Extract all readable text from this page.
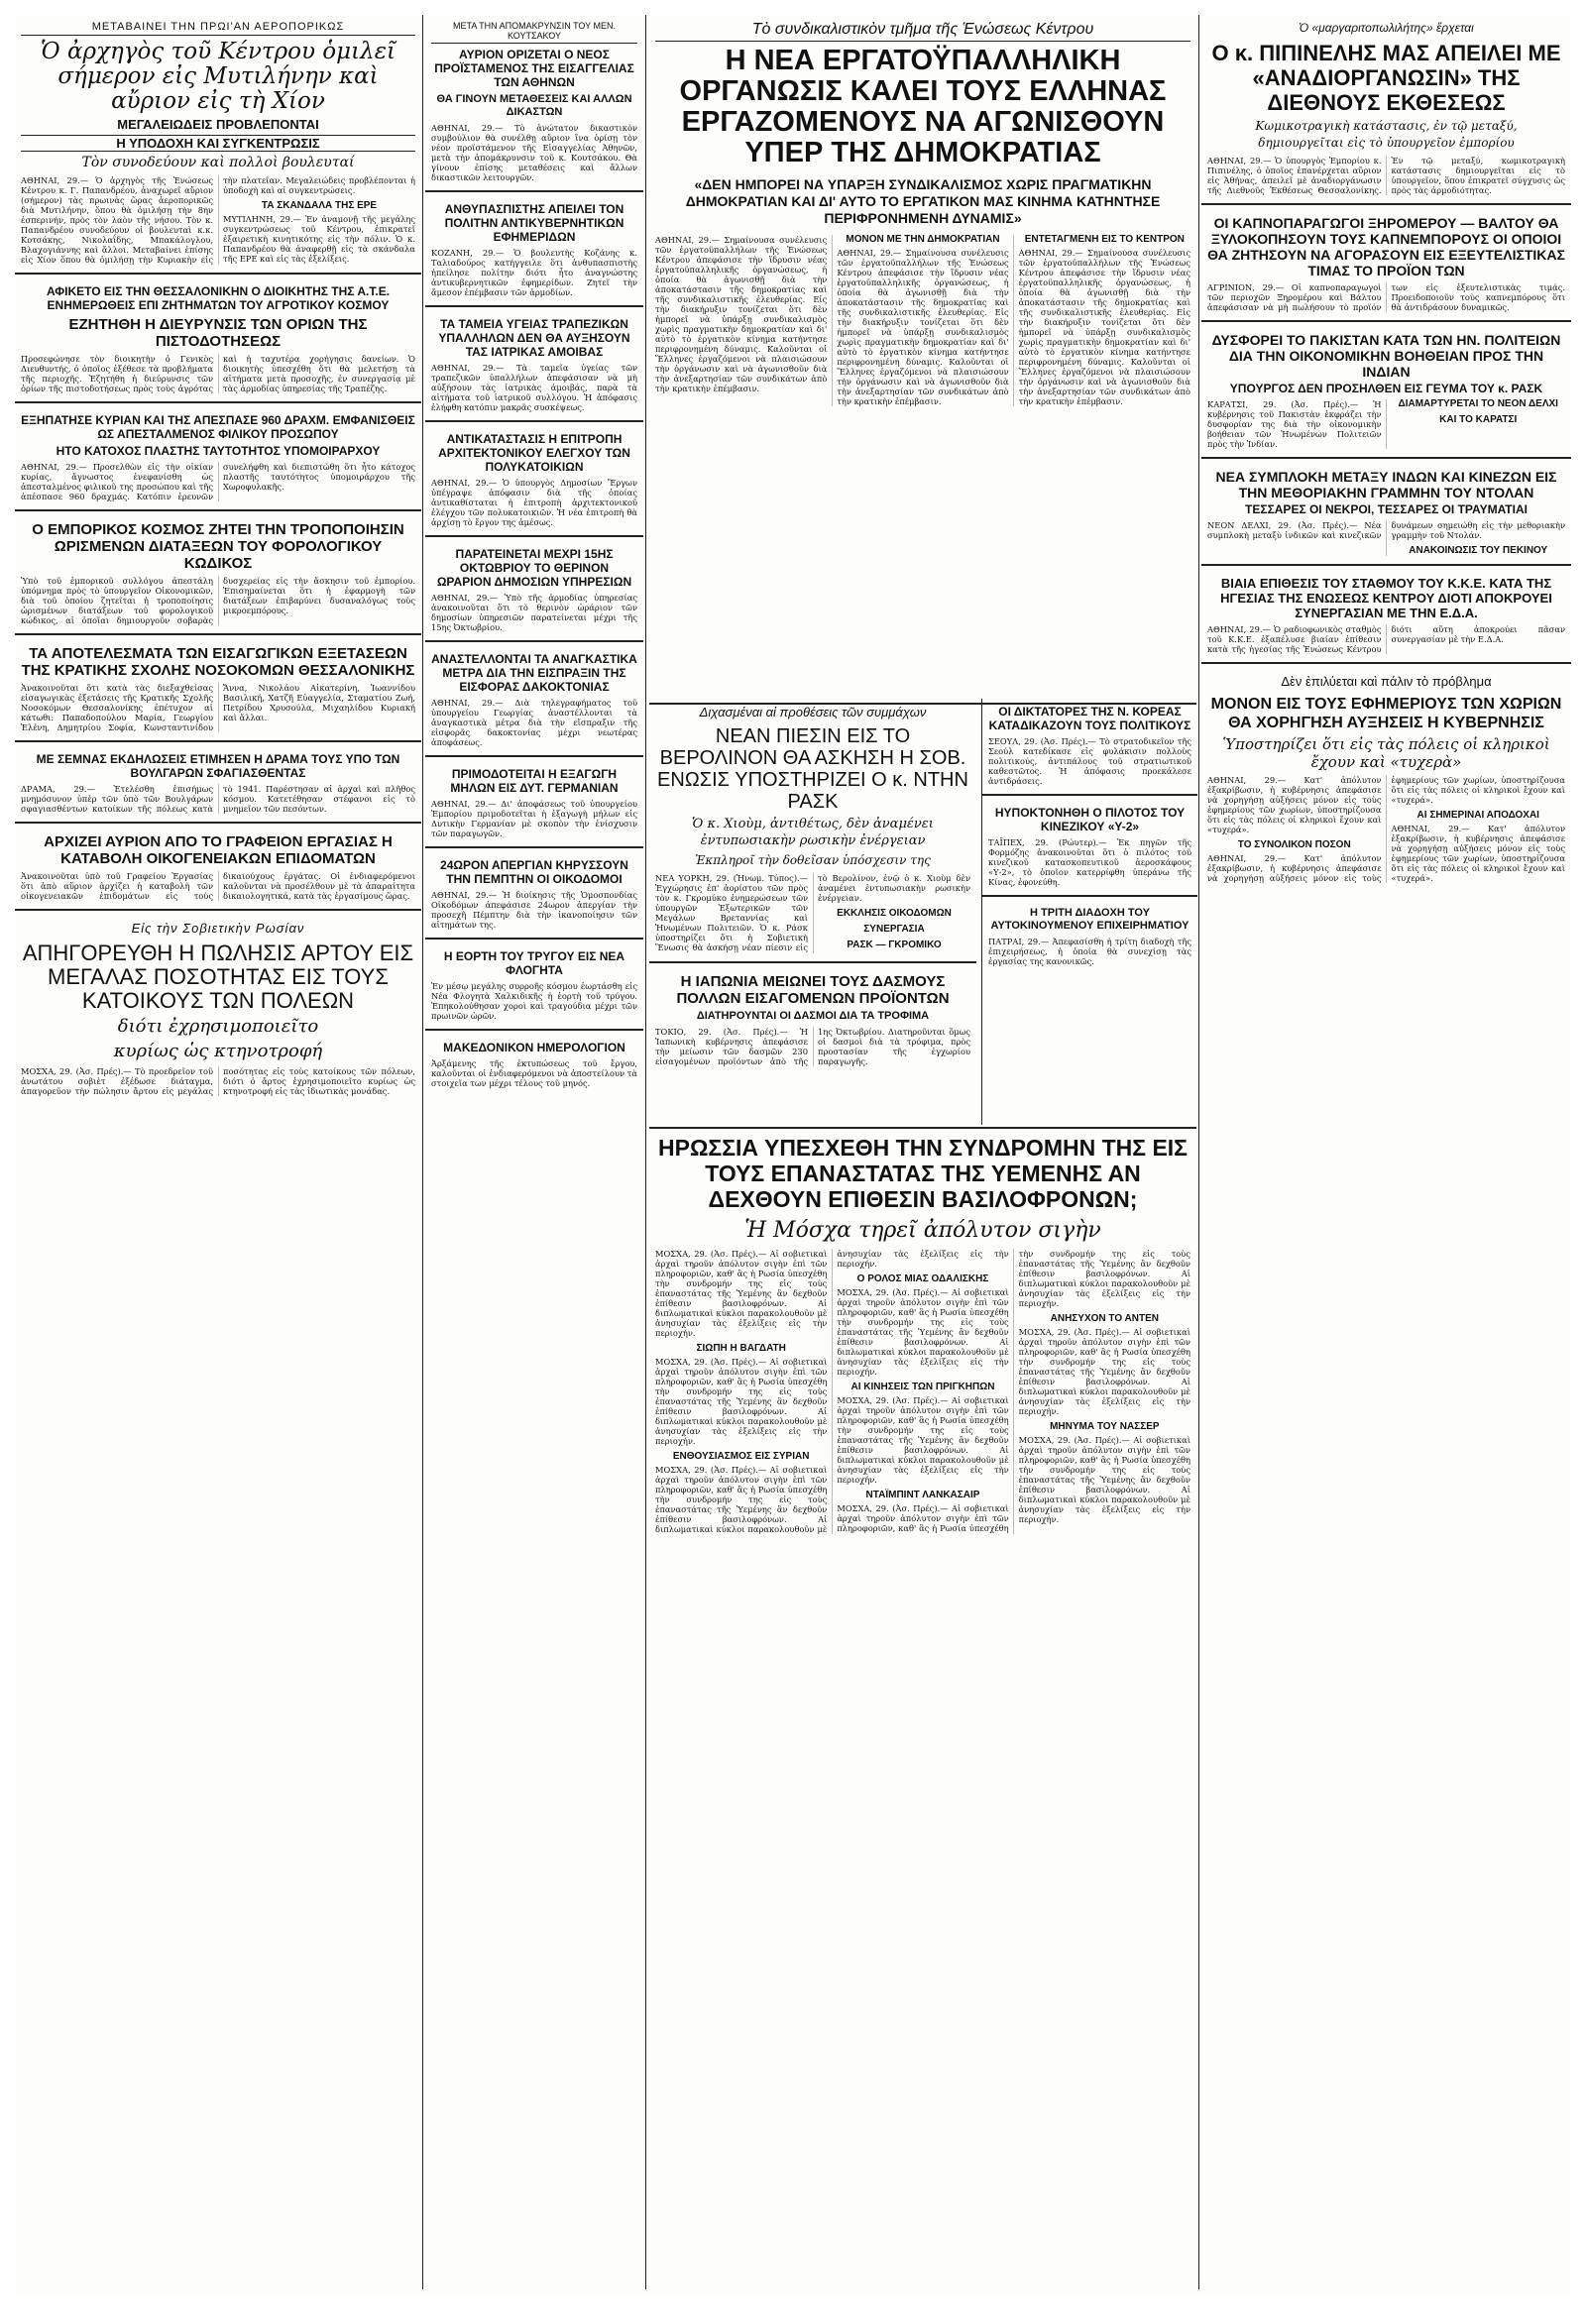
ΜΕΤΑΒΑΙΝΕΙ ΤΗΝ ΠΡΩΙ'ΑΝ ΑΕΡΟΠΟΡΙΚΩΣ
Ὁ ἀρχηγὸς τοῦ Κέντρου ὁμιλεῖ σήμερον εἰς Μυτιλήνην καὶ αὔριον εἰς τὴ Χίον
ΜΕΓΑΛΕΙΩΔΕΙΣ ΠΡΟΒΛΕΠΟΝΤΑΙ
Η ΥΠΟΔΟΧΗ ΚΑΙ ΣΥΓΚΕΝΤΡΩΣΙΣ
Τὸν συνοδεύουν καὶ πολλοὶ βουλευταί
ΑΘΗΝΑΙ, 29.— Ὁ ἀρχηγὸς τῆς Ἑνώσεως Κέντρου κ. Γ. Παπανδρέου, ἀναχωρεῖ αὔριον (σήμερον) τὰς πρωινὰς ὥρας ἀεροπορικῶς διὰ Μυτιλήνην, ὅπου θὰ ὁμιλήσῃ τὴν 8ην ἑσπερινήν, πρὸς τὸν λαὸν τῆς νήσου. Τὸν κ. Παπανδρέου συνοδεύουν οἱ βουλευταὶ κ.κ. Κοτσάκης, Νικολαΐδης, Μπακάλογλου, Βλαχογιάννης καὶ ἄλλοι. Μεταβαίνει ἐπίσης εἰς Χίον ὅπου θὰ ὁμιλήσῃ τὴν Κυριακὴν εἰς τὴν πλατεῖαν. Μεγαλειώδεις προβλέπονται ἡ ὑποδοχὴ καὶ αἱ συγκεντρώσεις.
ΤΑ ΣΚΑΝΔΑΛΑ ΤΗΣ ΕΡΕ
ΜΥΤΙΛΗΝΗ, 29.— Ἐν ἀναμονῇ τῆς μεγάλης συγκεντρώσεως τοῦ Κέντρου, ἐπικρατεῖ ἐξαιρετικὴ κινητικότης εἰς τὴν πόλιν. Ὁ κ. Παπανδρέου θὰ ἀναφερθῇ εἰς τὰ σκάνδαλα τῆς ΕΡΕ καὶ εἰς τὰς ἐξελίξεις.
ΑΦΙΚΕΤΟ ΕΙΣ ΤΗΝ ΘΕΣΣΑΛΟΝΙΚΗΝ Ο ΔΙΟΙΚΗΤΗΣ ΤΗΣ Α.Τ.Ε. ΕΝΗΜΕΡΩΘΕΙΣ ΕΠΙ ΖΗΤΗΜΑΤΩΝ ΤΟΥ ΑΓΡΟΤΙΚΟΥ ΚΟΣΜΟΥ
ΕΖΗΤΗΘΗ Η ΔΙΕΥΡΥΝΣΙΣ ΤΩΝ ΟΡΙΩΝ ΤΗΣ ΠΙΣΤΟΔΟΤΗΣΕΩΣ
Προσεφώνησε τὸν διοικητὴν ὁ Γενικὸς Διευθυντής, ὁ ὁποῖος ἐξέθεσε τὰ προβλήματα τῆς περιοχῆς. Ἐζητήθη ἡ διεύρυνσις τῶν ὁρίων τῆς πιστοδοτήσεως πρὸς τοὺς ἀγρότας καὶ ἡ ταχυτέρα χορήγησις δανείων. Ὁ διοικητὴς ὑπεσχέθη ὅτι θὰ μελετήσῃ τὰ αἰτήματα μετὰ προσοχῆς, ἐν συνεργασίᾳ μὲ τὰς ἁρμοδίας ὑπηρεσίας τῆς Τραπέζης.
ΕΞΗΠΑΤΗΣΕ ΚΥΡΙΑΝ ΚΑΙ ΤΗΣ ΑΠΕΣΠΑΣΕ 960 ΔΡΑΧΜ. ΕΜΦΑΝΙΣΘΕΙΣ ΩΣ ΑΠΕΣΤΑΛΜΕΝΟΣ ΦΙΛΙΚΟΥ ΠΡΟΣΩΠΟΥ
ΗΤΟ ΚΑΤΟΧΟΣ ΠΛΑΣΤΗΣ ΤΑΥΤΟΤΗΤΟΣ ΥΠΟΜΟΙΡΑΡΧΟΥ
ΑΘΗΝΑΙ, 29.— Προσελθὼν εἰς τὴν οἰκίαν κυρίας, ἄγνωστος ἐνεφανίσθη ὡς ἀπεσταλμένος φιλικοῦ της προσώπου καὶ τῆς ἀπέσπασε 960 δραχμάς. Κατόπιν ἐρευνῶν συνελήφθη καὶ διεπιστώθη ὅτι ἦτο κάτοχος πλαστῆς ταυτότητος ὑπομοιράρχου τῆς Χωροφυλακῆς.
Ο ΕΜΠΟΡΙΚΟΣ ΚΟΣΜΟΣ ΖΗΤΕΙ ΤΗΝ ΤΡΟΠΟΠΟΙΗΣΙΝ ΩΡΙΣΜΕΝΩΝ ΔΙΑΤΑΞΕΩΝ ΤΟΥ ΦΟΡΟΛΟΓΙΚΟΥ ΚΩΔΙΚΟΣ
Ὑπὸ τοῦ ἐμπορικοῦ συλλόγου ἀπεστάλη ὑπόμνημα πρὸς τὸ ὑπουργεῖον Οἰκονομικῶν, διὰ τοῦ ὁποίου ζητεῖται ἡ τροποποίησις ὡρισμένων διατάξεων τοῦ φορολογικοῦ κώδικος, αἱ ὁποῖαι δημιουργοῦν σοβαρὰς δυσχερείας εἰς τὴν ἄσκησιν τοῦ ἐμπορίου. Ἐπισημαίνεται ὅτι ἡ ἐφαρμογὴ τῶν διατάξεων ἐπιβαρύνει δυσαναλόγως τοὺς μικροεμπόρους.
ΤΑ ΑΠΟΤΕΛΕΣΜΑΤΑ ΤΩΝ ΕΙΣΑΓΩΓΙΚΩΝ ΕΞΕΤΑΣΕΩΝ ΤΗΣ ΚΡΑΤΙΚΗΣ ΣΧΟΛΗΣ ΝΟΣΟΚΟΜΩΝ ΘΕΣΣΑΛΟΝΙΚΗΣ
Ἀνακοινοῦται ὅτι κατὰ τὰς διεξαχθείσας εἰσαγωγικὰς ἐξετάσεις τῆς Κρατικῆς Σχολῆς Νοσοκόμων Θεσσαλονίκης ἐπέτυχον αἱ κάτωθι: Παπαδοπούλου Μαρία, Γεωργίου Ἑλένη, Δημητρίου Σοφία, Κωνσταντινίδου Ἄννα, Νικολάου Αἰκατερίνη, Ἰωαννίδου Βασιλική, Χατζῆ Εὐαγγελία, Σταματίου Ζωή, Πετρίδου Χρυσούλα, Μιχαηλίδου Κυριακή καὶ ἄλλαι.
ΜΕ ΣΕΜΝΑΣ ΕΚΔΗΛΩΣΕΙΣ ΕΤΙΜΗΣΕΝ Η ΔΡΑΜΑ ΤΟΥΣ ΥΠΟ ΤΩΝ ΒΟΥΛΓΑΡΩΝ ΣΦΑΓΙΑΣΘΕΝΤΑΣ
ΔΡΑΜΑ, 29.— Ἐτελέσθη ἐπισήμως μνημόσυνον ὑπὲρ τῶν ὑπὸ τῶν Βουλγάρων σφαγιασθέντων κατοίκων τῆς πόλεως κατὰ τὸ 1941. Παρέστησαν αἱ ἀρχαὶ καὶ πλῆθος κόσμου. Κατετέθησαν στέφανοι εἰς τὸ μνημεῖον τῶν πεσόντων.
ΑΡΧΙΖΕΙ ΑΥΡΙΟΝ ΑΠΟ ΤΟ ΓΡΑΦΕΙΟΝ ΕΡΓΑΣΙΑΣ Η ΚΑΤΑΒΟΛΗ ΟΙΚΟΓΕΝΕΙΑΚΩΝ ΕΠΙΔΟΜΑΤΩΝ
Ἀνακοινοῦται ὑπὸ τοῦ Γραφείου Ἐργασίας ὅτι ἀπὸ αὔριον ἀρχίζει ἡ καταβολὴ τῶν οἰκογενειακῶν ἐπιδομάτων εἰς τοὺς δικαιούχους ἐργάτας. Οἱ ἐνδιαφερόμενοι καλοῦνται νὰ προσέλθουν μὲ τὰ ἀπαραίτητα δικαιολογητικά, κατὰ τὰς ἐργασίμους ὥρας.
Εἰς τὴν Σοβιετικὴν Ρωσίαν
ΑΠΗΓΟΡΕΥΘΗ Η ΠΩΛΗΣΙΣ ΑΡΤΟΥ ΕΙΣ ΜΕΓΑΛΑΣ ΠΟΣΟΤΗΤΑΣ ΕΙΣ ΤΟΥΣ ΚΑΤΟΙΚΟΥΣ ΤΩΝ ΠΟΛΕΩΝ
διότι ἐχρησιμοποιεῖτο
κυρίως ὡς κτηνοτροφή
ΜΟΣΧΑ, 29. (Ἀσ. Πρές).— Τὸ προεδρεῖον τοῦ ἀνωτάτου σοβιὲτ ἐξέδωσε διάταγμα, ἀπαγορεῦον τὴν πώλησιν ἄρτου εἰς μεγάλας ποσότητας εἰς τοὺς κατοίκους τῶν πόλεων, διότι ὁ ἄρτος ἐχρησιμοποιεῖτο κυρίως ὡς κτηνοτροφή εἰς τὰς ἰδιωτικὰς μονάδας.
ΜΕΤΑ ΤΗΝ ΑΠΟΜΑΚΡΥΝΣΙΝ ΤΟΥ ΜΕΝ. ΚΟΥΤΣΑΚΟΥ
ΑΥΡΙΟΝ ΟΡΙΖΕΤΑΙ Ο ΝΕΟΣ ΠΡΟΪΣΤΑΜΕΝΟΣ ΤΗΣ ΕΙΣΑΓΓΕΛΙΑΣ ΤΩΝ ΑΘΗΝΩΝ
ΘΑ ΓΙΝΟΥΝ ΜΕΤΑΘΕΣΕΙΣ ΚΑΙ ΑΛΛΩΝ ΔΙΚΑΣΤΩΝ
ΑΘΗΝΑΙ, 29.— Τὸ ἀνώτατον δικαστικὸν συμβούλιον θὰ συνέλθῃ αὔριον ἵνα ὁρίσῃ τὸν νέον προϊστάμενον τῆς Εἰσαγγελίας Ἀθηνῶν, μετὰ τὴν ἀπομάκρυνσιν τοῦ κ. Κουτσάκου. Θὰ γίνουν ἐπίσης μεταθέσεις καὶ ἄλλων δικαστικῶν λειτουργῶν.
ΑΝΘΥΠΑΣΠΙΣΤΗΣ ΑΠΕΙΛΕΙ ΤΟΝ ΠΟΛΙΤΗΝ ΑΝΤΙΚΥΒΕΡΝΗΤΙΚΩΝ ΕΦΗΜΕΡΙΔΩΝ
ΚΟΖΑΝΗ, 29.— Ὁ βουλευτὴς Κοζάνης κ. Ταλιαδούρος κατήγγειλε ὅτι ἀνθυπασπιστὴς ἠπείλησε πολίτην διότι ἦτο ἀναγνώστης ἀντικυβερνητικῶν ἐφημερίδων. Ζητεῖ τὴν ἄμεσον ἐπέμβασιν τῶν ἁρμοδίων.
ΤΑ ΤΑΜΕΙΑ ΥΓΕΙΑΣ ΤΡΑΠΕΖΙΚΩΝ ΥΠΑΛΛΗΛΩΝ ΔΕΝ ΘΑ ΑΥΞΗΣΟΥΝ ΤΑΣ ΙΑΤΡΙΚΑΣ ΑΜΟΙΒΑΣ
ΑΘΗΝΑΙ, 29.— Τὰ ταμεῖα ὑγείας τῶν τραπεζικῶν ὑπαλλήλων ἀπεφάσισαν νὰ μὴ αὐξήσουν τὰς ἰατρικὰς ἀμοιβάς, παρὰ τὰ αἰτήματα τοῦ ἰατρικοῦ συλλόγου. Ἡ ἀπόφασις ἐλήφθη κατόπιν μακρᾶς συσκέψεως.
ΑΝΤΙΚΑΤΑΣΤΑΣΙΣ Η ΕΠΙΤΡΟΠΗ ΑΡΧΙΤΕΚΤΟΝΙΚΟΥ ΕΛΕΓΧΟΥ ΤΩΝ ΠΟΛΥΚΑΤΟΙΚΙΩΝ
ΑΘΗΝΑΙ, 29.— Ὁ ὑπουργὸς Δημοσίων Ἔργων ὑπέγραψε ἀπόφασιν διὰ τῆς ὁποίας ἀντικαθίσταται ἡ ἐπιτροπὴ ἀρχιτεκτονικοῦ ἐλέγχου τῶν πολυκατοικιῶν. Ἡ νέα ἐπιτροπὴ θὰ ἀρχίσῃ τὸ ἔργον της ἀμέσως.
ΠΑΡΑΤΕΙΝΕΤΑΙ ΜΕΧΡΙ 15ΗΣ ΟΚΤΩΒΡΙΟΥ ΤΟ ΘΕΡΙΝΟΝ ΩΡΑΡΙΟΝ ΔΗΜΟΣΙΩΝ ΥΠΗΡΕΣΙΩΝ
ΑΘΗΝΑΙ, 29.— Ὑπὸ τῆς ἁρμοδίας ὑπηρεσίας ἀνακοινοῦται ὅτι τὸ θερινὸν ὡράριον τῶν δημοσίων ὑπηρεσιῶν παρατείνεται μέχρι τῆς 15ης Ὀκτωβρίου.
ΑΝΑΣΤΕΛΛΟΝΤΑΙ ΤΑ ΑΝΑΓΚΑΣΤΙΚΑ ΜΕΤΡΑ ΔΙΑ ΤΗΝ ΕΙΣΠΡΑΞΙΝ ΤΗΣ ΕΙΣΦΟΡΑΣ ΔΑΚΟΚΤΟΝΙΑΣ
ΑΘΗΝΑΙ, 29.— Διὰ τηλεγραφήματος τοῦ ὑπουργείου Γεωργίας ἀναστέλλονται τὰ ἀναγκαστικὰ μέτρα διὰ τὴν εἴσπραξιν τῆς εἰσφορᾶς δακοκτονίας μέχρι νεωτέρας ἀποφάσεως.
ΠΡΙΜΟΔΟΤΕΙΤΑΙ Η ΕΞΑΓΩΓΗ ΜΗΛΩΝ ΕΙΣ ΔΥΤ. ΓΕΡΜΑΝΙΑΝ
ΑΘΗΝΑΙ, 29.— Δι' ἀποφάσεως τοῦ ὑπουργείου Ἐμπορίου πριμοδοτεῖται ἡ ἐξαγωγὴ μήλων εἰς Δυτικὴν Γερμανίαν μὲ σκοπὸν τὴν ἐνίσχυσιν τῶν παραγωγῶν.
24ΩΡΟΝ ΑΠΕΡΓΙΑΝ ΚΗΡΥΣΣΟΥΝ ΤΗΝ ΠΕΜΠΤΗΝ ΟΙ ΟΙΚΟΔΟΜΟΙ
ΑΘΗΝΑΙ, 29.— Ἡ διοίκησις τῆς Ὁμοσπονδίας Οἰκοδόμων ἀπεφάσισε 24ωρον ἀπεργίαν τὴν προσεχῆ Πέμπτην διὰ τὴν ἱκανοποίησιν τῶν αἰτημάτων της.
Η ΕΟΡΤΗ ΤΟΥ ΤΡΥΓΟΥ ΕΙΣ ΝΕΑ ΦΛΟΓΗΤΑ
Ἐν μέσῳ μεγάλης συρροῆς κόσμου ἐωρτάσθη εἰς Νέα Φλογητὰ Χαλκιδικῆς ἡ ἑορτὴ τοῦ τρύγου. Ἐπηκολούθησαν χοροὶ καὶ τραγούδια μέχρι τῶν πρωινῶν ὡρῶν.
ΜΑΚΕΔΟΝΙΚΟΝ ΗΜΕΡΟΛΟΓΙΟΝ
Ἀρξάμενης τῆς ἐκτυπώσεως τοῦ ἔργου, καλοῦνται οἱ ἐνδιαφερόμενοι νὰ ἀποστείλουν τὰ στοιχεῖα των μέχρι τέλους τοῦ μηνός.
Τὸ συνδικαλιστικὸν τμῆμα τῆς Ἑνώσεως Κέντρου
Η ΝΕΑ ΕΡΓΑΤΟΫΠΑΛΛΗΛΙΚΗ ΟΡΓΑΝΩΣΙΣ ΚΑΛΕΙ ΤΟΥΣ ΕΛΛΗΝΑΣ ΕΡΓΑΖΟΜΕΝΟΥΣ ΝΑ ΑΓΩΝΙΣΘΟΥΝ ΥΠΕΡ ΤΗΣ ΔΗΜΟΚΡΑΤΙΑΣ
«ΔΕΝ ΗΜΠΟΡΕΙ ΝΑ ΥΠΑΡΞΗ ΣΥΝΔΙΚΑΛΙΣΜΟΣ ΧΩΡΙΣ ΠΡΑΓΜΑΤΙΚΗΝ ΔΗΜΟΚΡΑΤΙΑΝ ΚΑΙ ΔΙ' ΑΥΤΟ ΤΟ ΕΡΓΑΤΙΚΟΝ ΜΑΣ ΚΙΝΗΜΑ ΚΑΤΗΝΤΗΣΕ ΠΕΡΙΦΡΟΝΗΜΕΝΗ ΔΥΝΑΜΙΣ»
ΑΘΗΝΑΙ, 29.— Σημαίνουσα συνέλευσις τῶν ἐργατοϋπαλλήλων τῆς Ἑνώσεως Κέντρου ἀπεφάσισε τὴν ἵδρυσιν νέας ἐργατοϋπαλληλικῆς ὀργανώσεως, ἡ ὁποία θὰ ἀγωνισθῇ διὰ τὴν ἀποκατάστασιν τῆς δημοκρατίας καὶ τῆς συνδικαλιστικῆς ἐλευθερίας. Εἰς τὴν διακήρυξιν τονίζεται ὅτι δὲν ἠμπορεῖ νὰ ὑπάρξῃ συνδικαλισμὸς χωρὶς πραγματικὴν δημοκρατίαν καὶ δι' αὐτὸ τὸ ἐργατικὸν κίνημα κατήντησε περιφρονημένη δύναμις. Καλοῦνται οἱ Ἕλληνες ἐργαζόμενοι νὰ πλαισιώσουν τὴν ὀργάνωσιν καὶ νὰ ἀγωνισθοῦν διὰ τὴν ἀνεξαρτησίαν τῶν συνδικάτων ἀπὸ τὴν κρατικὴν ἐπέμβασιν.
ΜΟΝΟΝ ΜΕ ΤΗΝ ΔΗΜΟΚΡΑΤΙΑΝ
ΑΘΗΝΑΙ, 29.— Σημαίνουσα συνέλευσις τῶν ἐργατοϋπαλλήλων τῆς Ἑνώσεως Κέντρου ἀπεφάσισε τὴν ἵδρυσιν νέας ἐργατοϋπαλληλικῆς ὀργανώσεως, ἡ ὁποία θὰ ἀγωνισθῇ διὰ τὴν ἀποκατάστασιν τῆς δημοκρατίας καὶ τῆς συνδικαλιστικῆς ἐλευθερίας. Εἰς τὴν διακήρυξιν τονίζεται ὅτι δὲν ἠμπορεῖ νὰ ὑπάρξῃ συνδικαλισμὸς χωρὶς πραγματικὴν δημοκρατίαν καὶ δι' αὐτὸ τὸ ἐργατικὸν κίνημα κατήντησε περιφρονημένη δύναμις. Καλοῦνται οἱ Ἕλληνες ἐργαζόμενοι νὰ πλαισιώσουν τὴν ὀργάνωσιν καὶ νὰ ἀγωνισθοῦν διὰ τὴν ἀνεξαρτησίαν τῶν συνδικάτων ἀπὸ τὴν κρατικὴν ἐπέμβασιν.
ΕΝΤΕΤΑΓΜΕΝΗ ΕΙΣ ΤΟ ΚΕΝΤΡΟΝ
ΑΘΗΝΑΙ, 29.— Σημαίνουσα συνέλευσις τῶν ἐργατοϋπαλλήλων τῆς Ἑνώσεως Κέντρου ἀπεφάσισε τὴν ἵδρυσιν νέας ἐργατοϋπαλληλικῆς ὀργανώσεως, ἡ ὁποία θὰ ἀγωνισθῇ διὰ τὴν ἀποκατάστασιν τῆς δημοκρατίας καὶ τῆς συνδικαλιστικῆς ἐλευθερίας. Εἰς τὴν διακήρυξιν τονίζεται ὅτι δὲν ἠμπορεῖ νὰ ὑπάρξῃ συνδικαλισμὸς χωρὶς πραγματικὴν δημοκρατίαν καὶ δι' αὐτὸ τὸ ἐργατικὸν κίνημα κατήντησε περιφρονημένη δύναμις. Καλοῦνται οἱ Ἕλληνες ἐργαζόμενοι νὰ πλαισιώσουν τὴν ὀργάνωσιν καὶ νὰ ἀγωνισθοῦν διὰ τὴν ἀνεξαρτησίαν τῶν συνδικάτων ἀπὸ τὴν κρατικὴν ἐπέμβασιν.
Διχασμέναι αἱ προθέσεις τῶν συμμάχων
ΝΕΑΝ ΠΙΕΣΙΝ ΕΙΣ ΤΟ ΒΕΡΟΛΙΝΟΝ ΘΑ ΑΣΚΗΣΗ Η ΣΟΒ. ΕΝΩΣΙΣ ΥΠΟΣΤΗΡΙΖΕΙ Ο κ. ΝΤΗΝ ΡΑΣΚ
Ὁ κ. Χιοὺμ, ἀντιθέτως, δὲν ἀναμένει ἐντυπωσιακὴν ρωσικὴν ἐνέργειαν
Ἐκπληροῖ τὴν δοθεῖσαν ὑπόσχεσιν της
ΝΕΑ ΥΟΡΚΗ, 29. (Ἡνωμ. Τύπος).— Ἐγχώρησις ἐπ' ἀορίστου τῶν πρὸς τὸν κ. Γκρομύκο ἐνημερώσεων τῶν ὑπουργῶν Ἐξωτερικῶν τῶν Μεγάλων Βρεταννίας καὶ Ἠνωμένων Πολιτειῶν. Ὁ κ. Ράσκ ὑποστηρίζει ὅτι ἡ Σοβιετικὴ Ἕνωσις θὰ ἀσκήσῃ νέαν πίεσιν εἰς τὸ Βερολίνον, ἐνῷ ὁ κ. Χιοὺμ δὲν ἀναμένει ἐντυπωσιακὴν ρωσικὴν ἐνέργειαν.
ΕΚΚΛΗΣΙΣ ΟΙΚΟΔΟΜΩΝ
ΣΥΝΕΡΓΑΣΙΑ
ΡΑΣΚ — ΓΚΡΟΜΙΚΟ
Η ΙΑΠΩΝΙΑ ΜΕΙΩΝΕΙ ΤΟΥΣ ΔΑΣΜΟΥΣ ΠΟΛΛΩΝ ΕΙΣΑΓΟΜΕΝΩΝ ΠΡΟΪΟΝΤΩΝ
ΔΙΑΤΗΡΟΥΝΤΑΙ ΟΙ ΔΑΣΜΟΙ ΔΙΑ ΤΑ ΤΡΟΦΙΜΑ
ΤΟΚΙΟ, 29. (Ἀσ. Πρές).— Ἡ Ἰαπωνικὴ κυβέρνησις ἀπεφάσισε τὴν μείωσιν τῶν δασμῶν 230 εἰσαγομένων προϊόντων ἀπὸ τῆς 1ης Ὀκτωβρίου. Διατηροῦνται ὅμως οἱ δασμοὶ διὰ τὰ τρόφιμα, πρὸς προστασίαν τῆς ἐγχωρίου παραγωγῆς.
ΟΙ ΔΙΚΤΑΤΟΡΕΣ ΤΗΣ Ν. ΚΟΡΕΑΣ ΚΑΤΑΔΙΚΑΖΟΥΝ ΤΟΥΣ ΠΟΛΙΤΙΚΟΥΣ
ΣΕΟΥΛ, 29. (Ἀσ. Πρές).— Τὸ στρατοδικεῖον τῆς Σεούλ κατεδίκασε εἰς φυλάκισιν πολλοὺς πολιτικούς, ἀντιπάλους τοῦ στρατιωτικοῦ καθεστῶτος. Ἡ ἀπόφασις προεκάλεσε ἀντιδράσεις.
ΗΥΠΟΚΤΟΝΗΘΗ Ο ΠΙΛΟΤΟΣ ΤΟΥ ΚΙΝΕΖΙΚΟΥ «Υ-2»
ΤΑΪΠΕΧ, 29. (Ρώυτερ).— Ἐκ πηγῶν τῆς Φορμόζης ἀνακοινοῦται ὅτι ὁ πιλότος τοῦ κινεζικοῦ κατασκοπευτικοῦ ἀεροσκάφους «Υ-2», τὸ ὁποῖον κατερρίφθη ὑπεράνω τῆς Κίνας, ἐφονεύθη.
Η ΤΡΙΤΗ ΔΙΑΔΟΧΗ ΤΟΥ ΑΥΤΟΚΙΝΟΥΜΕΝΟΥ ΕΠΙΧΕΙΡΗΜΑΤΙΟΥ
ΠΑΤΡΑΙ, 29.— Ἀπεφασίσθη ἡ τρίτη διαδοχὴ τῆς ἐπιχειρήσεως, ἡ ὁποία θὰ συνεχίσῃ τὰς ἐργασίας της κανονικῶς.
ΗΡΩΣΣΙΑ ΥΠΕΣΧΕΘΗ ΤΗΝ ΣΥΝΔΡΟΜΗΝ ΤΗΣ ΕΙΣ ΤΟΥΣ ΕΠΑΝΑΣΤΑΤΑΣ ΤΗΣ ΥΕΜΕΝΗΣ ΑΝ ΔΕΧΘΟΥΝ ΕΠΙΘΕΣΙΝ ΒΑΣΙΛΟΦΡΟΝΩΝ;
Ἡ Μόσχα τηρεῖ ἀπόλυτον σιγὴν
ΜΟΣΧΑ, 29. (Ἀσ. Πρές).— Αἱ σοβιετικαὶ ἀρχαὶ τηροῦν ἀπόλυτον σιγὴν ἐπὶ τῶν πληροφοριῶν, καθ' ἃς ἡ Ρωσία ὑπεσχέθη τὴν συνδρομήν της εἰς τοὺς ἐπαναστάτας τῆς Ὑεμένης ἂν δεχθοῦν ἐπίθεσιν βασιλοφρόνων. Αἱ διπλωματικαὶ κύκλοι παρακολουθοῦν μὲ ἀνησυχίαν τὰς ἐξελίξεις εἰς τὴν περιοχήν.
ΣΙΩΠΗ Η ΒΑΓΔΑΤΗ
ΜΟΣΧΑ, 29. (Ἀσ. Πρές).— Αἱ σοβιετικαὶ ἀρχαὶ τηροῦν ἀπόλυτον σιγὴν ἐπὶ τῶν πληροφοριῶν, καθ' ἃς ἡ Ρωσία ὑπεσχέθη τὴν συνδρομήν της εἰς τοὺς ἐπαναστάτας τῆς Ὑεμένης ἂν δεχθοῦν ἐπίθεσιν βασιλοφρόνων. Αἱ διπλωματικαὶ κύκλοι παρακολουθοῦν μὲ ἀνησυχίαν τὰς ἐξελίξεις εἰς τὴν περιοχήν.
ΕΝΘΟΥΣΙΑΣΜΟΣ ΕΙΣ ΣΥΡΙΑΝ
ΜΟΣΧΑ, 29. (Ἀσ. Πρές).— Αἱ σοβιετικαὶ ἀρχαὶ τηροῦν ἀπόλυτον σιγὴν ἐπὶ τῶν πληροφοριῶν, καθ' ἃς ἡ Ρωσία ὑπεσχέθη τὴν συνδρομήν της εἰς τοὺς ἐπαναστάτας τῆς Ὑεμένης ἂν δεχθοῦν ἐπίθεσιν βασιλοφρόνων. Αἱ διπλωματικαὶ κύκλοι παρακολουθοῦν μὲ ἀνησυχίαν τὰς ἐξελίξεις εἰς τὴν περιοχήν.
Ο ΡΟΛΟΣ ΜΙΑΣ ΟΔΑΛΙΣΚΗΣ
ΜΟΣΧΑ, 29. (Ἀσ. Πρές).— Αἱ σοβιετικαὶ ἀρχαὶ τηροῦν ἀπόλυτον σιγὴν ἐπὶ τῶν πληροφοριῶν, καθ' ἃς ἡ Ρωσία ὑπεσχέθη τὴν συνδρομήν της εἰς τοὺς ἐπαναστάτας τῆς Ὑεμένης ἂν δεχθοῦν ἐπίθεσιν βασιλοφρόνων. Αἱ διπλωματικαὶ κύκλοι παρακολουθοῦν μὲ ἀνησυχίαν τὰς ἐξελίξεις εἰς τὴν περιοχήν.
ΑΙ ΚΙΝΗΣΕΙΣ ΤΩΝ ΠΡΙΓΚΗΠΩΝ
ΜΟΣΧΑ, 29. (Ἀσ. Πρές).— Αἱ σοβιετικαὶ ἀρχαὶ τηροῦν ἀπόλυτον σιγὴν ἐπὶ τῶν πληροφοριῶν, καθ' ἃς ἡ Ρωσία ὑπεσχέθη τὴν συνδρομήν της εἰς τοὺς ἐπαναστάτας τῆς Ὑεμένης ἂν δεχθοῦν ἐπίθεσιν βασιλοφρόνων. Αἱ διπλωματικαὶ κύκλοι παρακολουθοῦν μὲ ἀνησυχίαν τὰς ἐξελίξεις εἰς τὴν περιοχήν.
ΝΤΑΪΜΠΙΝΤ ΛΑΝΚΑΣΑΙΡ
ΜΟΣΧΑ, 29. (Ἀσ. Πρές).— Αἱ σοβιετικαὶ ἀρχαὶ τηροῦν ἀπόλυτον σιγὴν ἐπὶ τῶν πληροφοριῶν, καθ' ἃς ἡ Ρωσία ὑπεσχέθη τὴν συνδρομήν της εἰς τοὺς ἐπαναστάτας τῆς Ὑεμένης ἂν δεχθοῦν ἐπίθεσιν βασιλοφρόνων. Αἱ διπλωματικαὶ κύκλοι παρακολουθοῦν μὲ ἀνησυχίαν τὰς ἐξελίξεις εἰς τὴν περιοχήν.
ΑΝΗΣΥΧΟΝ ΤΟ ΑΝΤΕΝ
ΜΟΣΧΑ, 29. (Ἀσ. Πρές).— Αἱ σοβιετικαὶ ἀρχαὶ τηροῦν ἀπόλυτον σιγὴν ἐπὶ τῶν πληροφοριῶν, καθ' ἃς ἡ Ρωσία ὑπεσχέθη τὴν συνδρομήν της εἰς τοὺς ἐπαναστάτας τῆς Ὑεμένης ἂν δεχθοῦν ἐπίθεσιν βασιλοφρόνων. Αἱ διπλωματικαὶ κύκλοι παρακολουθοῦν μὲ ἀνησυχίαν τὰς ἐξελίξεις εἰς τὴν περιοχήν.
ΜΗΝΥΜΑ ΤΟΥ ΝΑΣΣΕΡ
ΜΟΣΧΑ, 29. (Ἀσ. Πρές).— Αἱ σοβιετικαὶ ἀρχαὶ τηροῦν ἀπόλυτον σιγὴν ἐπὶ τῶν πληροφοριῶν, καθ' ἃς ἡ Ρωσία ὑπεσχέθη τὴν συνδρομήν της εἰς τοὺς ἐπαναστάτας τῆς Ὑεμένης ἂν δεχθοῦν ἐπίθεσιν βασιλοφρόνων. Αἱ διπλωματικαὶ κύκλοι παρακολουθοῦν μὲ ἀνησυχίαν τὰς ἐξελίξεις εἰς τὴν περιοχήν.
Ὁ «μαργαριτοπωλιλήτης» ἔρχεται
Ο κ. ΠΙΠΙΝΕΛΗΣ ΜΑΣ ΑΠΕΙΛΕΙ ΜΕ «ΑΝΑΔΙΟΡΓΑΝΩΣΙΝ» ΤΗΣ ΔΙΕΘΝΟΥΣ ΕΚΘΕΣΕΩΣ
Κωμικοτραγικὴ κατάστασις, ἐν τῷ μεταξύ,
δημιουργεῖται εἰς τὸ ὑπουργεῖον ἐμπορίου
ΑΘΗΝΑΙ, 29.— Ὁ ὑπουργὸς Ἐμπορίου κ. Πιπινέλης, ὁ ὁποῖος ἐπανέρχεται αὔριον εἰς Ἀθήνας, ἀπειλεῖ μὲ ἀναδιοργάνωσιν τῆς Διεθνοῦς Ἐκθέσεως Θεσσαλονίκης. Ἐν τῷ μεταξύ, κωμικοτραγικὴ κατάστασις δημιουργεῖται εἰς τὸ ὑπουργεῖον, ὅπου ἐπικρατεῖ σύγχυσις ὡς πρὸς τὰς ἀρμοδιότητας.
ΟΙ ΚΑΠΝΟΠΑΡΑΓΩΓΟΙ ΞΗΡΟΜΕΡΟΥ — ΒΑΛΤΟΥ ΘΑ ΞΥΛΟΚΟΠΗΣΟΥΝ ΤΟΥΣ ΚΑΠΝΕΜΠΟΡΟΥΣ ΟΙ ΟΠΟΙΟΙ ΘΑ ΖΗΤΗΣΟΥΝ ΝΑ ΑΓΟΡΑΣΟΥΝ ΕΙΣ ΕΞΕΥΤΕΛΙΣΤΙΚΑΣ ΤΙΜΑΣ ΤΟ ΠΡΟΪΟΝ ΤΩΝ
ΑΓΡΙΝΙΟΝ, 29.— Οἱ καπνοπαραγωγοὶ τῶν περιοχῶν Ξηρομέρου καὶ Βάλτου ἀπεφάσισαν νὰ μὴ πωλήσουν τὸ προϊόν των εἰς ἐξευτελιστικὰς τιμάς. Προειδοποιοῦν τοὺς καπνεμπόρους ὅτι θὰ ἀντιδράσουν δυναμικῶς.
ΔΥΣΦΟΡΕΙ ΤΟ ΠΑΚΙΣΤΑΝ ΚΑΤΑ ΤΩΝ ΗΝ. ΠΟΛΙΤΕΙΩΝ ΔΙΑ ΤΗΝ ΟΙΚΟΝΟΜΙΚΗΝ ΒΟΗΘΕΙΑΝ ΠΡΟΣ ΤΗΝ ΙΝΔΙΑΝ
ΥΠΟΥΡΓΟΣ ΔΕΝ ΠΡΟΣΗΛΘΕΝ ΕΙΣ ΓΕΥΜΑ ΤΟΥ κ. ΡΑΣΚ
ΚΑΡΑΤΣΙ, 29. (Ἀσ. Πρές).— Ἡ κυβέρνησις τοῦ Πακιστὰν ἐκφράζει τὴν δυσφορίαν της διὰ τὴν οἰκονομικὴν βοήθειαν τῶν Ἡνωμένων Πολιτειῶν πρὸς τὴν Ἰνδίαν.
ΔΙΑΜΑΡΤΥΡΕΤΑΙ ΤΟ ΝΕΟΝ ΔΕΛΧΙ
ΚΑΙ ΤΟ ΚΑΡΑΤΣΙ
ΝΕΑ ΣΥΜΠΛΟΚΗ ΜΕΤΑΞΥ ΙΝΔΩΝ ΚΑΙ ΚΙΝΕΖΩΝ ΕΙΣ ΤΗΝ ΜΕΘΟΡΙΑΚΗΝ ΓΡΑΜΜΗΝ ΤΟΥ ΝΤΟΛΑΝ
ΤΕΣΣΑΡΕΣ ΟΙ ΝΕΚΡΟΙ, ΤΕΣΣΑΡΕΣ ΟΙ ΤΡΑΥΜΑΤΙΑΙ
ΝΕΟΝ ΔΕΛΧΙ, 29. (Ἀσ. Πρές).— Νέα συμπλοκὴ μεταξὺ ἰνδικῶν καὶ κινεζικῶν δυνάμεων σημειώθη εἰς τὴν μεθοριακὴν γραμμὴν τοῦ Ντολάν.
ΑΝΑΚΟΙΝΩΣΙΣ ΤΟΥ ΠΕΚΙΝΟΥ
ΒΙΑΙΑ ΕΠΙΘΕΣΙΣ ΤΟΥ ΣΤΑΘΜΟΥ ΤΟΥ Κ.Κ.Ε. ΚΑΤΑ ΤΗΣ ΗΓΕΣΙΑΣ ΤΗΣ ΕΝΩΣΕΩΣ ΚΕΝΤΡΟΥ ΔΙΟΤΙ ΑΠΟΚΡΟΥΕΙ ΣΥΝΕΡΓΑΣΙΑΝ ΜΕ ΤΗΝ Ε.Δ.Α.
ΑΘΗΝΑΙ, 29.— Ὁ ραδιοφωνικὸς σταθμὸς τοῦ Κ.Κ.Ε. ἐξαπέλυσε βιαίαν ἐπίθεσιν κατὰ τῆς ἡγεσίας τῆς Ἑνώσεως Κέντρου διότι αὕτη ἀποκρούει πᾶσαν συνεργασίαν μὲ τὴν Ε.Δ.Α.
Δὲν ἐπιλύεται καὶ πάλιν τὸ πρόβλημα
ΜΟΝΟΝ ΕΙΣ ΤΟΥΣ ΕΦΗΜΕΡΙΟΥΣ ΤΩΝ ΧΩΡΙΩΝ ΘΑ ΧΟΡΗΓΗΣΗ ΑΥΞΗΣΕΙΣ Η ΚΥΒΕΡΝΗΣΙΣ
Ὑποστηρίζει ὅτι εἰς τὰς πόλεις οἱ κληρικοὶ ἔχουν καὶ «τυχερὰ»
ΑΘΗΝΑΙ, 29.— Κατ' ἀπόλυτον ἐξακρίβωσιν, ἡ κυβέρνησις ἀπεφάσισε νὰ χορηγήσῃ αὐξήσεις μόνον εἰς τοὺς ἐφημερίους τῶν χωρίων, ὑποστηρίζουσα ὅτι εἰς τὰς πόλεις οἱ κληρικοὶ ἔχουν καὶ «τυχερά».
ΤΟ ΣΥΝΟΛΙΚΟΝ ΠΟΣΟΝ
ΑΘΗΝΑΙ, 29.— Κατ' ἀπόλυτον ἐξακρίβωσιν, ἡ κυβέρνησις ἀπεφάσισε νὰ χορηγήσῃ αὐξήσεις μόνον εἰς τοὺς ἐφημερίους τῶν χωρίων, ὑποστηρίζουσα ὅτι εἰς τὰς πόλεις οἱ κληρικοὶ ἔχουν καὶ «τυχερά».
ΑΙ ΣΗΜΕΡΙΝΑΙ ΑΠΟΔΟΧΑΙ
ΑΘΗΝΑΙ, 29.— Κατ' ἀπόλυτον ἐξακρίβωσιν, ἡ κυβέρνησις ἀπεφάσισε νὰ χορηγήσῃ αὐξήσεις μόνον εἰς τοὺς ἐφημερίους τῶν χωρίων, ὑποστηρίζουσα ὅτι εἰς τὰς πόλεις οἱ κληρικοὶ ἔχουν καὶ «τυχερά».
